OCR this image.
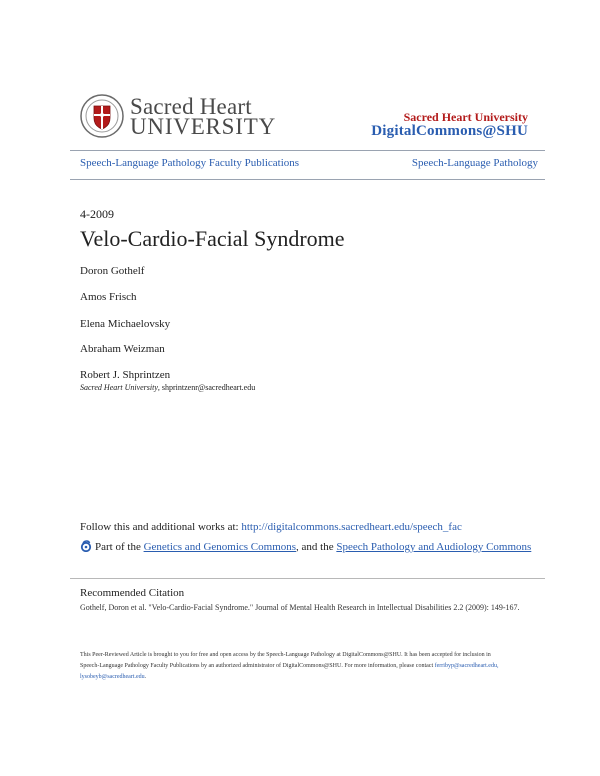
Sacred Heart
UNIVERSITY	Sacred Heart University
DigitalCommons@SHU
Speech-Language Pathology Faculty Publications	Speech-Language Pathology
4-2009
Velo-Cardio-Facial Syndrome
Doron Gothelf
Amos Frisch
Elena Michaelovsky
Abraham Weizman
Robert J. Shprintzen
Sacred Heart University, shprintzenr@sacredheart.edu
Follow this and additional works at: http://digitalcommons.sacredheart.edu/speech_fac
Part of the Genetics and Genomics Commons, and the Speech Pathology and Audiology Commons
Recommended Citation
Gothelf, Doron et al. "Velo-Cardio-Facial Syndrome." Journal of Mental Health Research in Intellectual Disabilities 2.2 (2009): 149-167.
This Peer-Reviewed Article is brought to you for free and open access by the Speech-Language Pathology at DigitalCommons@SHU. It has been accepted for inclusion in Speech-Language Pathology Faculty Publications by an authorized administrator of DigitalCommons@SHU. For more information, please contact ferribyp@sacredheart.edu, lysobeyb@sacredheart.edu.
